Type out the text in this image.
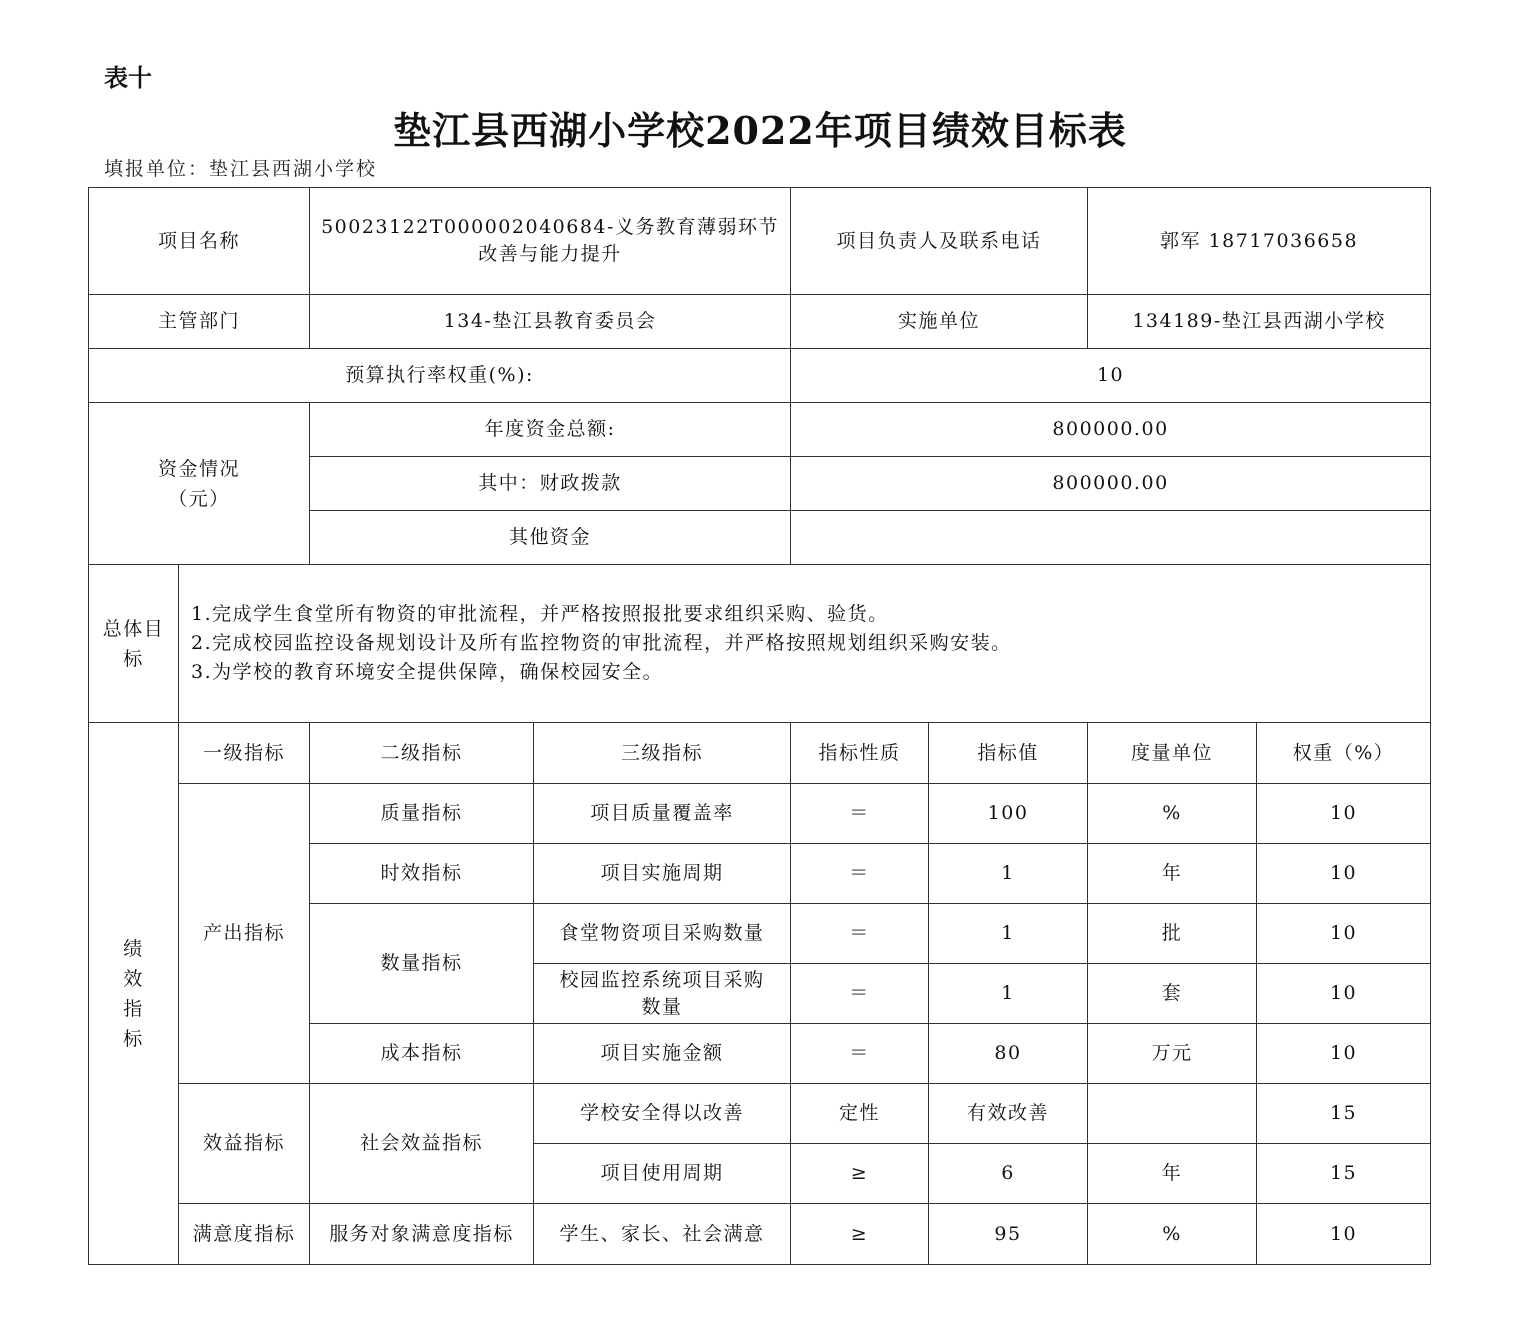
表十
垫江县西湖小学校2022年项目绩效目标表
填报单位：垫江县西湖小学校
项目名称		50023122T000002040684-义务教育薄弱环节改善与能力提升		项目负责人及联系电话		郭军 18717036658	
主管部门		134-垫江县教育委员会		实施单位		134189-垫江县西湖小学校	
预算执行率权重(%):				10			

资金情况
（元）		年度资金总额:		800000.00			
		其中：财政拨款		800000.00			
		其他资金					

总体目
标	1.完成学生食堂所有物资的审批流程，并严格按照报批要求组织采购、验货。
2.完成校园监控设备规划设计及所有监控物资的审批流程，并严格按照规划组织采购安装。
3.为学校的教育环境安全提供保障，确保校园安全。						

绩
效
指
标	一级指标	二级指标	三级指标	指标性质	指标值	度量单位	权重（%）
	产出指标	质量指标	项目质量覆盖率	＝	100	%	10
		时效指标	项目实施周期	＝	1	年	10
		数量指标	食堂物资项目采购数量	＝	1	批	10
			校园监控系统项目采购数量	＝	1	套	10
		成本指标	项目实施金额	＝	80	万元	10
	效益指标	社会效益指标	学校安全得以改善	定性	有效改善		15
			项目使用周期	≥	6	年	15
	满意度指标	服务对象满意度指标	学生、家长、社会满意	≥	95	%	10
